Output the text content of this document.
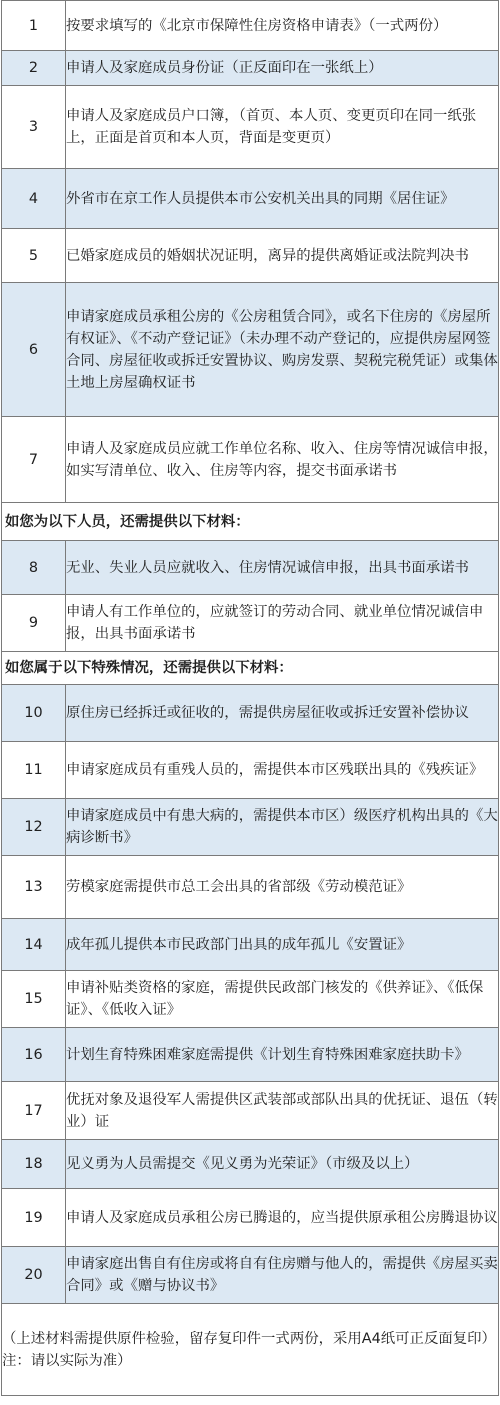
1	按要求填写的《北京市保障性住房资格申请表》（一式两份）
2	申请人及家庭成员身份证（正反面印在一张纸上）
3	申请人及家庭成员户口簿，（首页、本人页、变更页印在同一纸张上，正面是首页和本人页，背面是变更页）
4	外省市在京工作人员提供本市公安机关出具的同期《居住证》
5	已婚家庭成员的婚姻状况证明，离异的提供离婚证或法院判决书
6	申请家庭成员承租公房的《公房租赁合同》，或名下住房的《房屋所有权证》、《不动产登记证》（未办理不动产登记的，应提供房屋网签合同、房屋征收或拆迁安置协议、购房发票、契税完税凭证）或集体土地上房屋确权证书
7	申请人及家庭成员应就工作单位名称、收入、住房等情况诚信申报，如实写清单位、收入、住房等内容，提交书面承诺书
如您为以下人员，还需提供以下材料：	
8	无业、失业人员应就收入、住房情况诚信申报，出具书面承诺书
9	申请人有工作单位的，应就签订的劳动合同、就业单位情况诚信申报，出具书面承诺书
如您属于以下特殊情况，还需提供以下材料：	
10	原住房已经拆迁或征收的，需提供房屋征收或拆迁安置补偿协议
11	申请家庭成员有重残人员的，需提供本市区残联出具的《残疾证》
12	申请家庭成员中有患大病的，需提供本市区）级医疗机构出具的《大病诊断书》
13	劳模家庭需提供市总工会出具的省部级《劳动模范证》
14	成年孤儿提供本市民政部门出具的成年孤儿《安置证》
15	申请补贴类资格的家庭，需提供民政部门核发的《供养证》、《低保证》、《低收入证》
16	计划生育特殊困难家庭需提供《计划生育特殊困难家庭扶助卡》
17	优抚对象及退役军人需提供区武装部或部队出具的优抚证、退伍（转业）证
18	见义勇为人员需提交《见义勇为光荣证》（市级及以上）
19	申请人及家庭成员承租公房已腾退的，应当提供原承租公房腾退协议
20	申请家庭出售自有住房或将自有住房赠与他人的，需提供《房屋买卖合同》或《赠与协议书》

（上述材料需提供原件检验，留存复印件一式两份，采用A4纸可正反面复印）
注：请以实际为准）	
